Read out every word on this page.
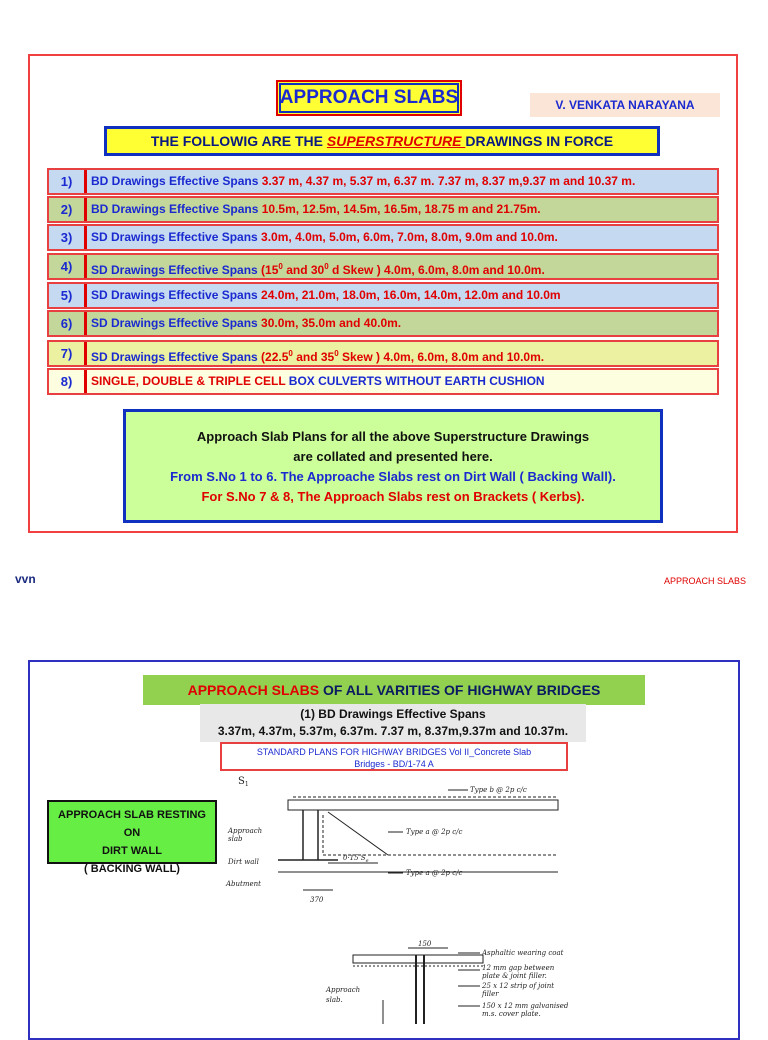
APPROACH SLABS	V. VENKATA NARAYANA
THE FOLLOWIG ARE THE SUPERSTRUCTURE DRAWINGS IN FORCE
1)	BD Drawings Effective Spans 3.37 m, 4.37 m, 5.37 m, 6.37 m. 7.37 m, 8.37 m,9.37 m and 10.37 m.
2)	BD Drawings Effective Spans 10.5m, 12.5m, 14.5m, 16.5m, 18.75 m and 21.75m.
3)	SD Drawings Effective Spans 3.0m, 4.0m, 5.0m, 6.0m, 7.0m, 8.0m, 9.0m and 10.0m.
4)	SD Drawings Effective Spans ($15^0$ and $30^0$ d Skew ) 4.0m, 6.0m, 8.0m and 10.0m.
5)	SD Drawings Effective Spans 24.0m, 21.0m, 18.0m, 16.0m, 14.0m, 12.0m and 10.0m
6)	SD Drawings Effective Spans 30.0m, 35.0m and 40.0m.
7)	SD Drawings Effective Spans (22.5$^0$ and $35^0$ Skew ) 4.0m, 6.0m, 8.0m and 10.0m.
8)	SINGLE, DOUBLE & TRIPLE CELL BOX CULVERTS WITHOUT EARTH CUSHION
Approach Slab Plans for all the above Superstructure Drawings
are collated and presented here.
From S.No 1 to 6. The Approache Slabs rest on Dirt Wall ( Backing Wall).
For S.No 7 & 8, The Approach Slabs rest on Brackets ( Kerbs).
vvn	APPROACH SLABS
APPROACH SLABS OF ALL VARITIES OF HIGHWAY BRIDGES
(1) BD Drawings Effective Spans
3.37m, 4.37m, 5.37m, 6.37m. 7.37 m, 8.37m,9.37m and 10.37m.
STANDARD PLANS FOR HIGHWAY BRIDGES Vol II_Concrete Slab
Bridges - BD/1-74 A
APPROACH SLAB RESTING ON
DIRT WALL
( BACKING WALL)
$S_1$
Type b @ 2p c/c
Approach
slab
Type a @ 2p c/c
Dirt wall	0·15 $S_e$
Type a @ 2p c/c
Abutment
370
150
Asphaltic wearing coat
12 mm gap between
plate & joint filler.
25 x 12 strip of joint
filler
150 x 12 mm galvanised
m.s. cover plate.
Approach
slab.
